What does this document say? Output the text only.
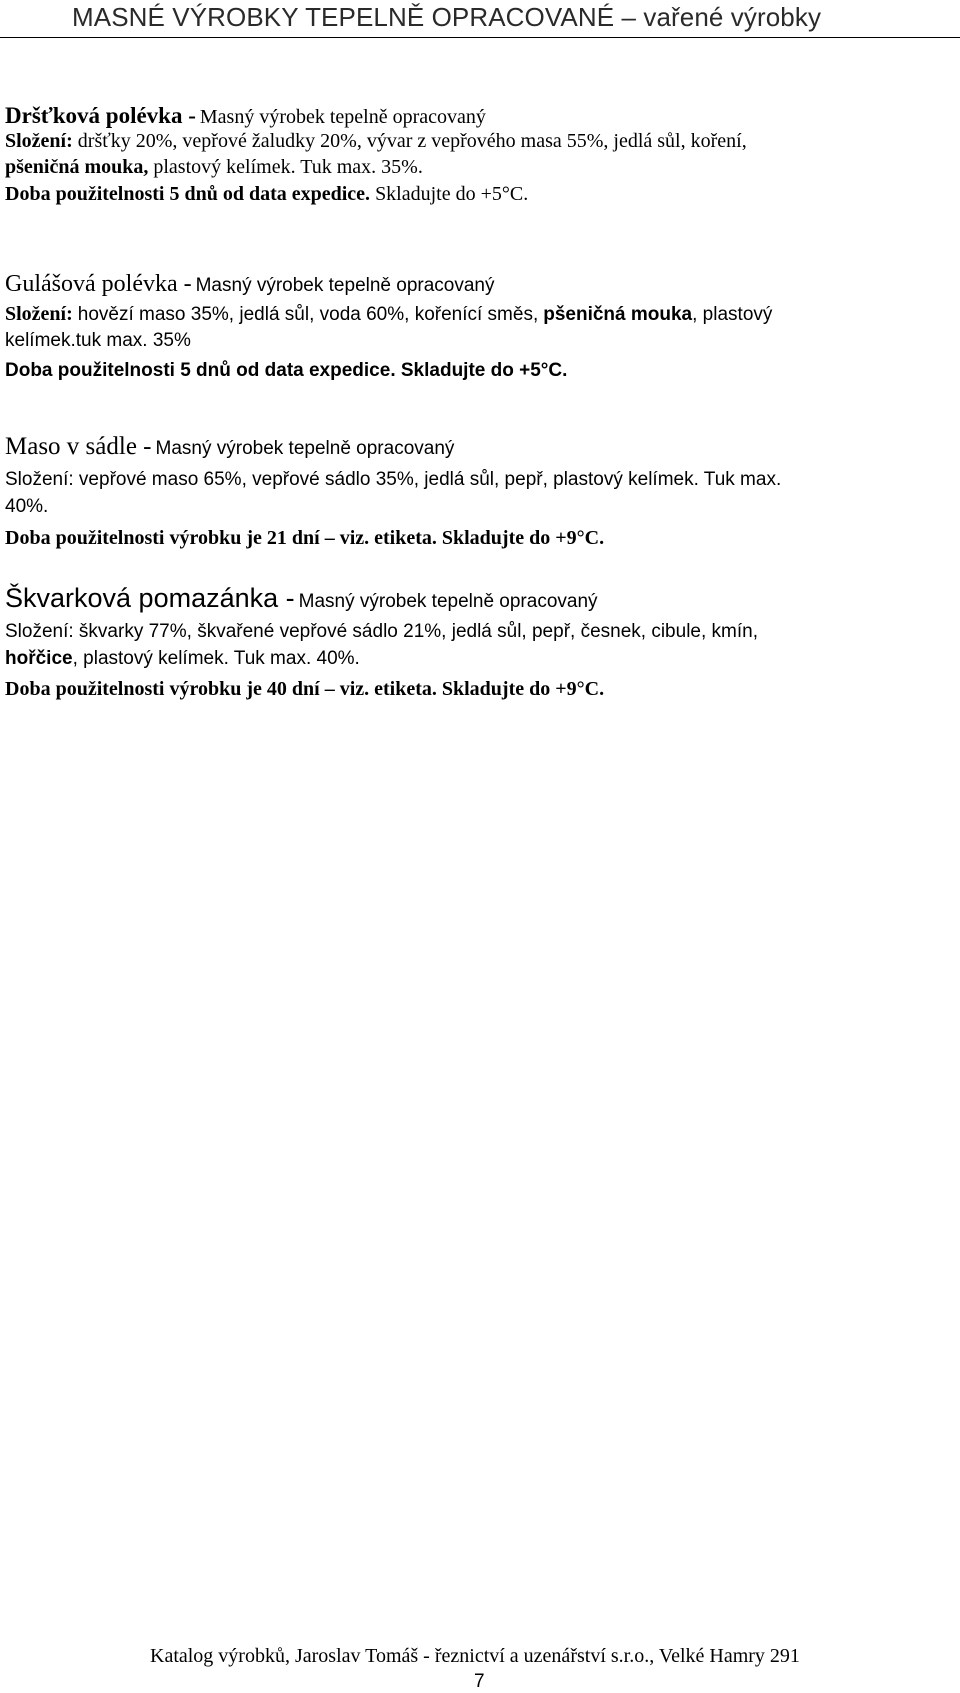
MASNÉ VÝROBKY TEPELNĚ OPRACOVANÉ – vařené výrobky
Dršťková polévka - Masný výrobek tepelně opracovaný
Složení: dršťky 20%, vepřové žaludky 20%, vývar z vepřového masa 55%, jedlá sůl, koření,
pšeničná mouka, plastový kelímek. Tuk max. 35%.
Doba použitelnosti 5 dnů od data expedice. Skladujte do +5°C.
Gulášová polévka - Masný výrobek tepelně opracovaný
Složení: hovězí maso 35%, jedlá sůl, voda 60%, kořenící směs, pšeničná mouka, plastový
kelímek.tuk max. 35%
Doba použitelnosti 5 dnů od data expedice. Skladujte do +5°C.
Maso v sádle - Masný výrobek tepelně opracovaný
Složení: vepřové maso 65%, vepřové sádlo 35%, jedlá sůl, pepř, plastový kelímek. Tuk max.
40%.
Doba použitelnosti výrobku je 21 dní – viz. etiketa. Skladujte do +9°C.
Škvarková pomazánka - Masný výrobek tepelně opracovaný
Složení: škvarky 77%, škvařené vepřové sádlo 21%, jedlá sůl, pepř, česnek, cibule, kmín,
hořčice, plastový kelímek. Tuk max. 40%.
Doba použitelnosti výrobku je 40 dní – viz. etiketa. Skladujte do +9°C.
Katalog výrobků, Jaroslav Tomáš - řeznictví a uzenářství s.r.o., Velké Hamry 291
7
